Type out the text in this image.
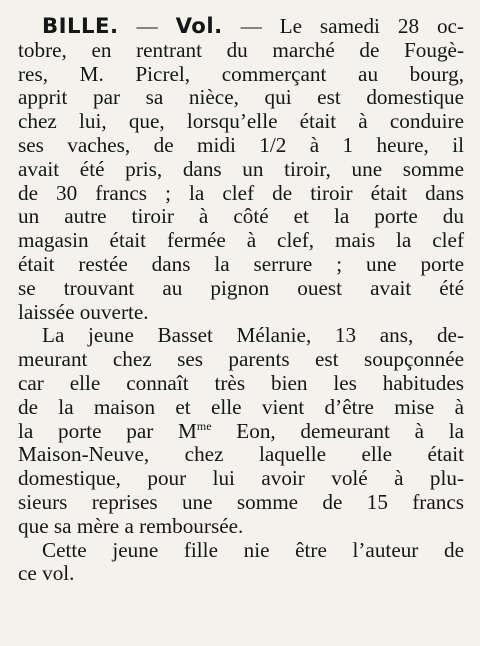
BILLE. — Vol. — Le samedi 28 oc-
tobre, en rentrant du marché de Fougè-
res, M. Picrel, commerçant au bourg,
apprit par sa nièce, qui est domestique
chez lui, que, lorsqu’elle était à conduire
ses vaches, de midi 1/2 à 1 heure, il
avait été pris, dans un tiroir, une somme
de 30 francs ; la clef de tiroir était dans
un autre tiroir à côté et la porte du
magasin était fermée à clef, mais la clef
était restée dans la serrure ; une porte
se trouvant au pignon ouest avait été
laissée ouverte.
La jeune Basset Mélanie, 13 ans, de-
meurant chez ses parents est soupçonnée
car elle connaît très bien les habitudes
de la maison et elle vient d’être mise à
la porte par $M^{me}$ Eon, demeurant à la
Maison-Neuve, chez laquelle elle était
domestique, pour lui avoir volé à plu-
sieurs reprises une somme de 15 francs
que sa mère a remboursée.
Cette jeune fille nie être l’auteur de
ce vol.
